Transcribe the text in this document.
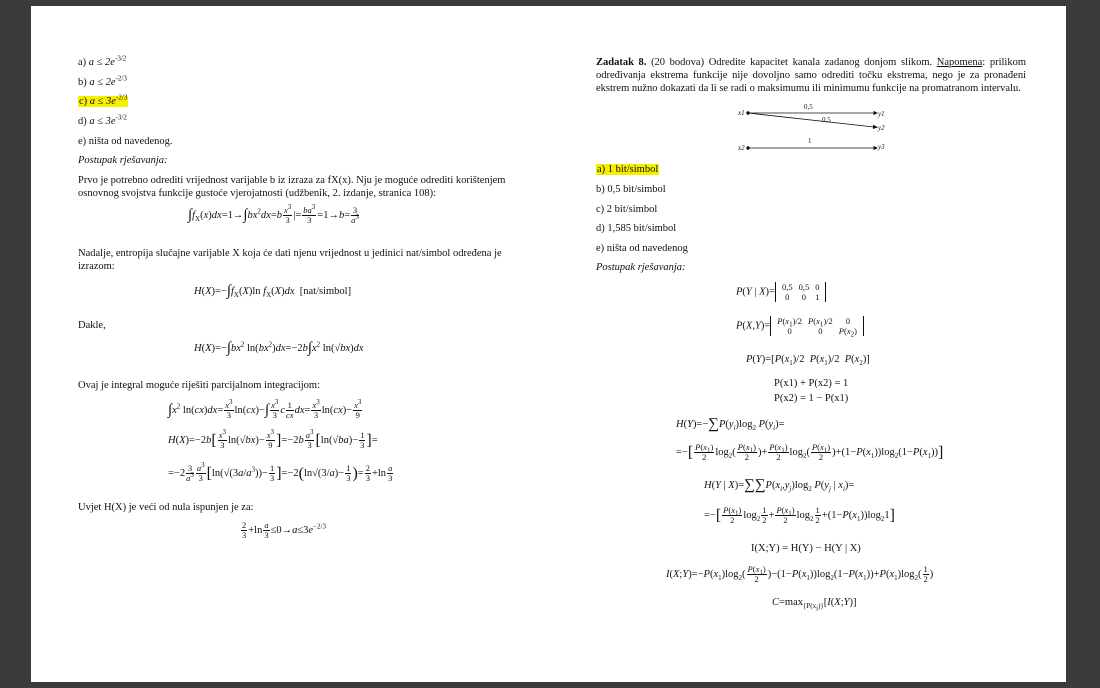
a) $a \le 2e^{-3/2}$
b) $a \le 2e^{-2/3}$
c) $a \le 3e^{-2/3}$
d) $a \le 3e^{-3/2}$
e) ništa od navedenog.
Postupak rješavanja:
Prvo je potrebno odrediti vrijednost varijable b iz izraza za fX(x). Nju je moguće odrediti korištenjem osnovnog svojstva funkcije gustoće vjerojatnosti (udžbenik, 2. izdanje, stranica 108):
$\int f_X(x)dx=1\to\int bx^2dx=b \frac{x^3}{3}$ |= $\frac{ba^3}{3} =1\to b= \frac{3}{a^3}$
Nadalje, entropija slučajne varijable X koja će dati njenu vrijednost u jedinici nat/simbol određena je izrazom:
$H(X)=-\int f_X(X)\ln$ $f_X(X)dx$ [nat/simbol]
Dakle,
$H(X)=-\int bx^2$ $\ln(bx^2)dx=-2b\int x^2$ ln(√bx)dx
Ovaj je integral moguće riješiti parcijalnom integracijom:
$\int x^2$ $\ln(cx)dx= \frac{x^3}{3} \ln(cx)-\int \frac{x^3}{3}$ c $\frac{1}{cx} dx= \frac{x^3}{3} \ln(cx)- \frac{x^3}{9}$
$H(X)=-2b[ \frac{x^3}{3} \ln(√bx)- \frac{x^3}{9} ]=-2b \frac{a^3}{3} [\ln(√ba)- \frac{1}{3}$ ]=
$=-2 \frac{3}{a^3} \frac{a^3}{3} [\ln(√(3a/a^3))- \frac{1}{3} ]=-2(\ln√(3/a)- \frac{1}{3}$ )= $\frac{2}{3} +\ln \frac{a}{3}$
Uvjet H(X) je veći od nula ispunjen je za:
$\frac{2}{3} +\ln \frac{a}{3} \le 0\to a\le 3e^{-2/3}$
Zadatak 8. (20 bodova) Odredite kapacitet kanala zadanog donjom slikom. Napomena: prilikom određivanja ekstrema funkcije nije dovoljno samo odrediti točku ekstrema, nego je za pronađeni ekstrem nužno dokazati da li se radi o maksimumu ili minimumu funkcije na promatranom intervalu.
x1
x2
y1
y2
y3
0,5
0,5
1
a) 1 bit/simbol
b) 0,5 bit/simbol
c) 2 bit/simbol
d) 1,585 bit/simbol
e) ništa od navedenog
Postupak rješavanja:
P(Y | X)= 0,5	0,5	0
0	0	1
$P(X,Y)= P(x_1)/2$	$P(x_1)/2$	0
0	0	$P(x_2)$
$P(Y)=[P(x_1)/2$  $P(x_1)/2$  $P(x_2)$]
P(x1) + P(x2) = 1
P(x2) = 1 − P(x1)
$H(Y)=-\sum P(y_i)\log_2$ $P(y_i)=$
=−[ $\frac{P(x_1)}{2} \log_2( \frac{P(x_1)}{2}$ )+ $\frac{P(x_1)}{2} \log_2( \frac{P(x_1)}{2} )+(1-P(x_1))\log_2(1-P(x_1))$]
H(Y | $X)=\sum\sum P(x_i,y_j)\log_2$ $P(y_j$ | $x_i)=$
=−[ $\frac{P(x_1)}{2} \log_2 \frac{1}{2} + \frac{P(x_1)}{2} \log_2 \frac{1}{2} +(1-P(x_1))\log_21$]
I(X;Y) = H(Y) − H(Y | X)
$I(X;Y)=-P(x_1)\log_2( \frac{P(x_1)}{2} )-(1-P(x_1))\log_2(1-P(x_1))+P(x_1)\log_2( \frac{1}{2}$ )
$C=\max_{\{P(x_i)\}}[I(X;Y)]$
